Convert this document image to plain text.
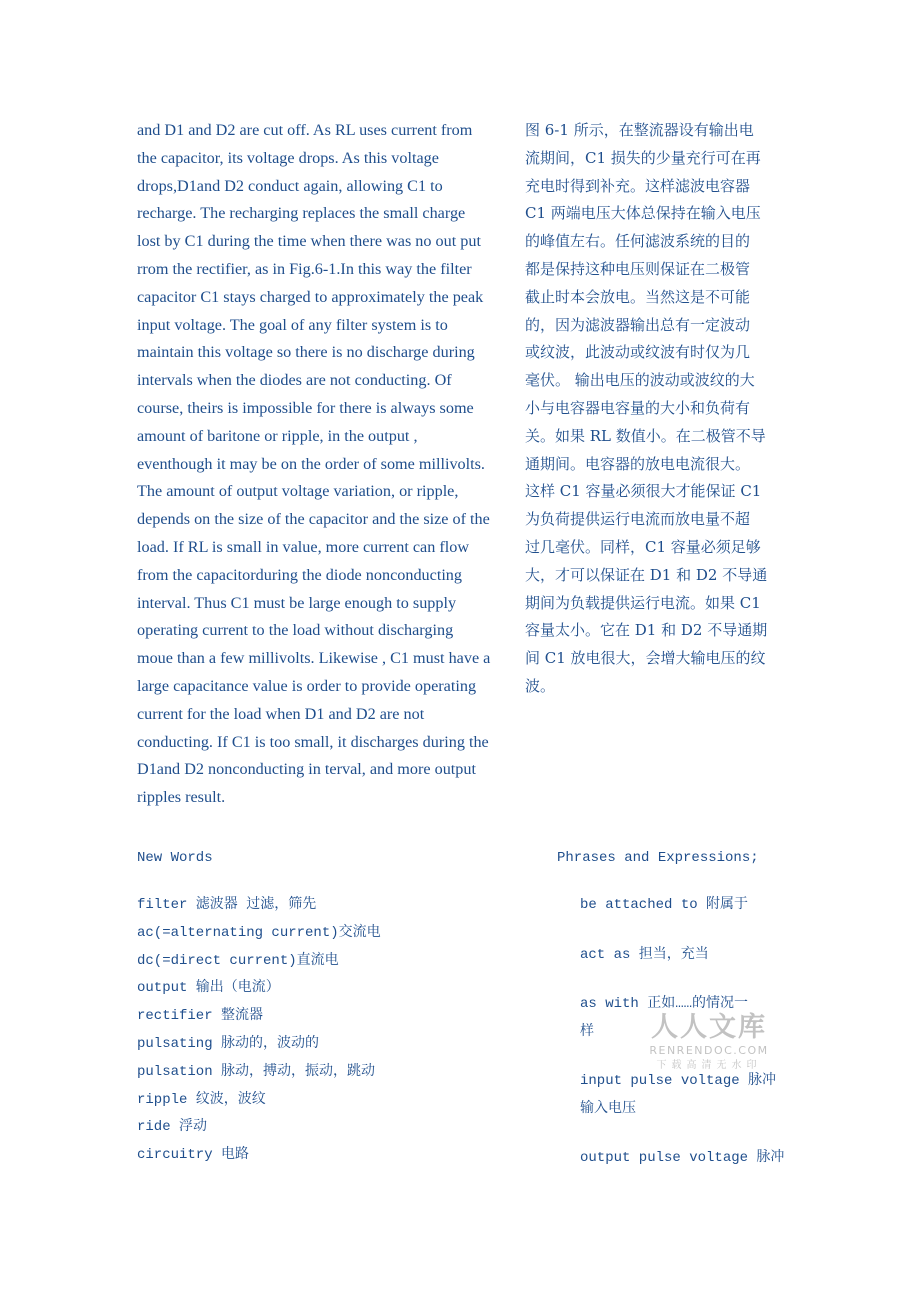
and D1 and D2 are cut off. As RL uses current from
the capacitor, its voltage drops. As this voltage
drops,D1and D2 conduct again, allowing C1 to
recharge. The recharging replaces the small charge
lost by C1 during the time when there was no out put
rrom the rectifier, as in Fig.6-1.In this way the filter
capacitor C1 stays charged to approximately the peak
input voltage. The goal of any filter system is to
maintain this voltage so there is no discharge during
intervals when the diodes are not conducting. Of
course, theirs is impossible for there is always some
amount of baritone or ripple, in the output ,
eventhough it may be on the order of some millivolts.
The amount of output voltage variation, or ripple,
depends on the size of the capacitor and the size of the
load. If RL is small in value, more current can flow
from the capacitorduring the diode nonconducting
interval. Thus C1 must be large enough to supply
operating current to the load without discharging
moue than a few millivolts. Likewise , C1 must have a
large capacitance value is order to provide operating
current for the load when D1 and D2 are not
conducting. If C1 is too small, it discharges during the
D1and D2 nonconducting in terval, and more output
ripples result.
图 6-1 所示，在整流器设有输出电
流期间，C1 损失的少量充行可在再
充电时得到补充。这样滤波电容器
C1 两端电压大体总保持在输入电压
的峰值左右。任何滤波系统的目的
都是保持这种电压则保证在二极管
截止时本会放电。当然这是不可能
的，因为滤波器输出总有一定波动
或纹波，此波动或纹波有时仅为几
毫伏。 输出电压的波动或波纹的大
小与电容器电容量的大小和负荷有
关。如果 RL 数值小。在二极管不导
通期间。电容器的放电电流很大。
这样 C1 容量必须很大才能保证 C1
为负荷提供运行电流而放电量不超
过几毫伏。同样，C1 容量必须足够
大，才可以保证在 D1 和 D2 不导通
期间为负载提供运行电流。如果 C1
容量太小。它在 D1 和 D2 不导通期
间 C1 放电很大，会增大输电压的纹
波。
New Words	Phrases and Expressions;
filter 滤波器 过滤，筛先
ac(=alternating current)交流电
dc(=direct current)直流电
output 输出（电流）
rectifier 整流器
pulsating 脉动的，波动的
pulsation 脉动，搏动，振动，跳动
ripple 纹波，波纹
ride 浮动
circuitry 电路
be attached to 附属于
act as 担当，充当
as with 正如……的情况一
样
input pulse voltage 脉冲
输入电压
output pulse voltage 脉冲
人人文库
RENRENDOC.COM
下载高清无水印
